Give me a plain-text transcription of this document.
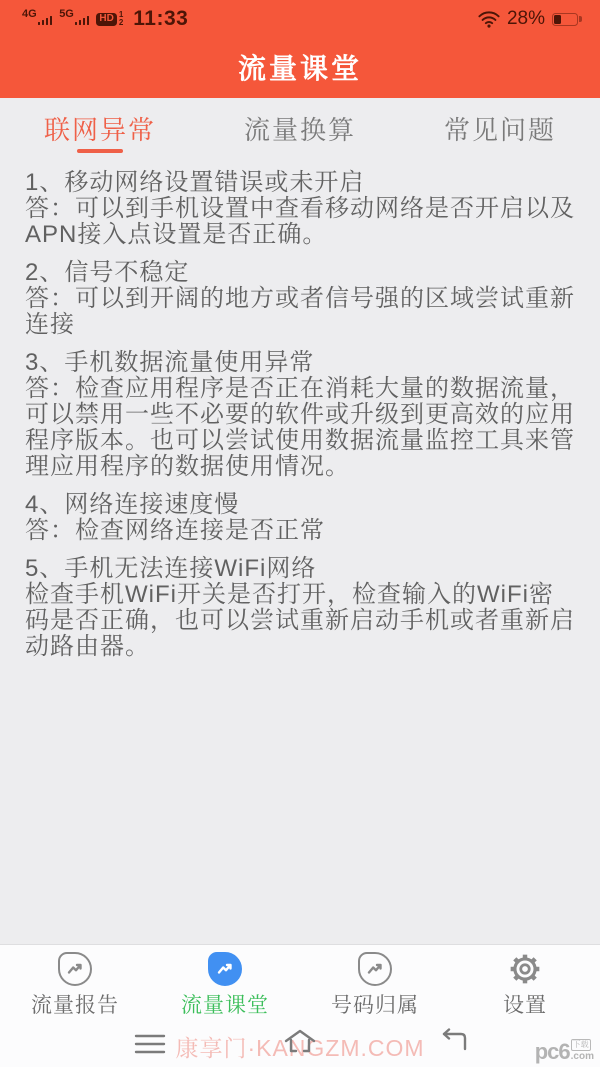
4G 5G	HD 1
2 11:33	28%
流量课堂
联网异常	流量换算	常见问题
1、移动网络设置错误或未开启
答：可以到手机设置中查看移动网络是否开启以及APN接入点设置是否正确。
2、信号不稳定
答：可以到开阔的地方或者信号强的区域尝试重新连接
3、手机数据流量使用异常
答：检查应用程序是否正在消耗大量的数据流量，可以禁用一些不必要的软件或升级到更高效的应用程序版本。也可以尝试使用数据流量监控工具来管理应用程序的数据使用情况。
4、网络连接速度慢
答：检查网络连接是否正常
5、手机无法连接WiFi网络
检查手机WiFi开关是否打开，检查输入的WiFi密码是否正确，也可以尝试重新启动手机或者重新启动路由器。
流量报告	流量课堂	号码归属	设置
康享门·KANGZM.COM	pc6 下载
.com
